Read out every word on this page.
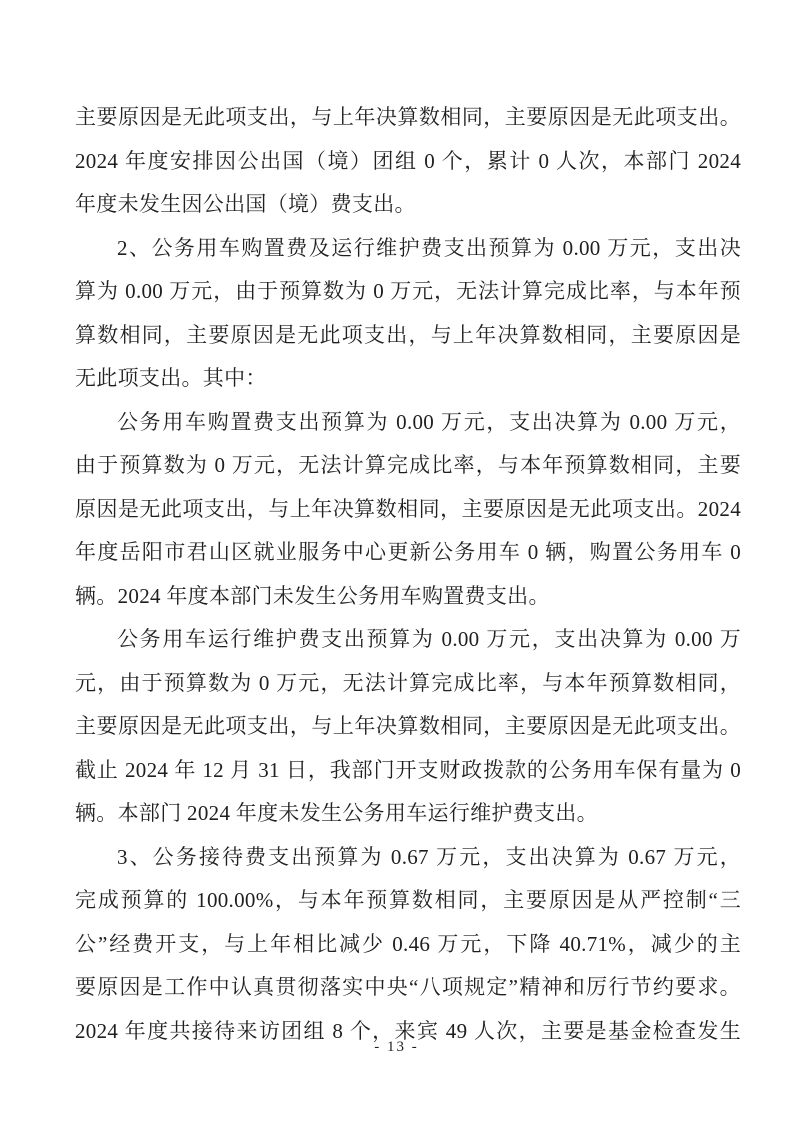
主要原因是无此项支出，与上年决算数相同，主要原因是无此项支出。
2024 年度安排因公出国（境）团组 0 个，累计 0 人次，本部门 2024
年度未发生因公出国（境）费支出。

2、公务用车购置费及运行维护费支出预算为 0.00 万元，支出决
算为 0.00 万元，由于预算数为 0 万元，无法计算完成比率，与本年预
算数相同，主要原因是无此项支出，与上年决算数相同，主要原因是
无此项支出。其中：

公务用车购置费支出预算为 0.00 万元，支出决算为 0.00 万元，
由于预算数为 0 万元，无法计算完成比率，与本年预算数相同，主要
原因是无此项支出，与上年决算数相同，主要原因是无此项支出。2024
年度岳阳市君山区就业服务中心更新公务用车 0 辆，购置公务用车 0
辆。2024 年度本部门未发生公务用车购置费支出。

公务用车运行维护费支出预算为 0.00 万元，支出决算为 0.00 万
元，由于预算数为 0 万元，无法计算完成比率，与本年预算数相同，
主要原因是无此项支出，与上年决算数相同，主要原因是无此项支出。
截止 2024 年 12 月 31 日，我部门开支财政拨款的公务用车保有量为 0
辆。本部门 2024 年度未发生公务用车运行维护费支出。

3、公务接待费支出预算为 0.67 万元，支出决算为 0.67 万元，
完成预算的 100.00%，与本年预算数相同，主要原因是从严控制“三
公”经费开支，与上年相比减少 0.46 万元，下降 40.71%，减少的主
要原因是工作中认真贯彻落实中央“八项规定”精神和厉行节约要求。
2024 年度共接待来访团组 8 个，来宾 49 人次，主要是基金检查发生

- 13 -
